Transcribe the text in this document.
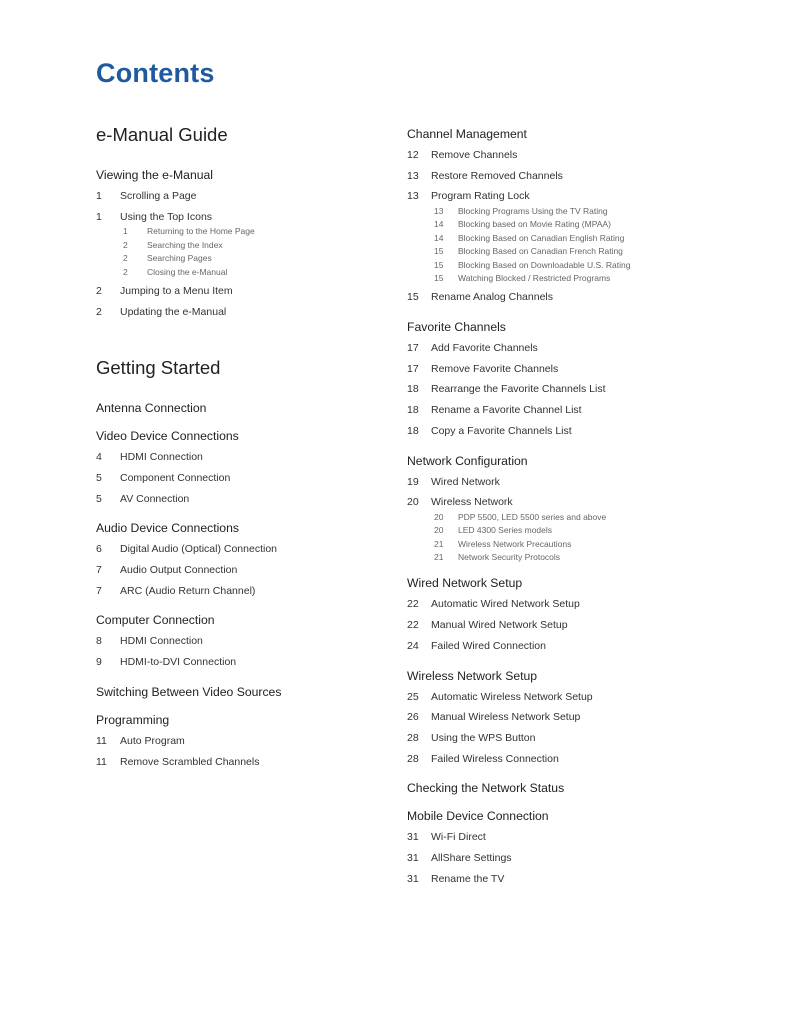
Contents
e-Manual Guide
Viewing the e-Manual
1	Scrolling a Page
1	Using the Top Icons
1	Returning to the Home Page
2	Searching the Index
2	Searching Pages
2	Closing the e-Manual
2	Jumping to a Menu Item
2	Updating the e-Manual
Getting Started
Antenna Connection
Video Device Connections
4	HDMI Connection
5	Component Connection
5	AV Connection
Audio Device Connections
6	Digital Audio (Optical) Connection
7	Audio Output Connection
7	ARC (Audio Return Channel)
Computer Connection
8	HDMI Connection
9	HDMI-to-DVI Connection
Switching Between Video Sources
Programming
11	Auto Program
11	Remove Scrambled Channels
Channel Management
12	Remove Channels
13	Restore Removed Channels
13	Program Rating Lock
13	Blocking Programs Using the TV Rating
14	Blocking based on Movie Rating (MPAA)
14	Blocking Based on Canadian English Rating
15	Blocking Based on Canadian French Rating
15	Blocking Based on Downloadable U.S. Rating
15	Watching Blocked / Restricted Programs
15	Rename Analog Channels
Favorite Channels
17	Add Favorite Channels
17	Remove Favorite Channels
18	Rearrange the Favorite Channels List
18	Rename a Favorite Channel List
18	Copy a Favorite Channels List
Network Configuration
19	Wired Network
20	Wireless Network
20	PDP 5500, LED 5500 series and above
20	LED 4300 Series models
21	Wireless Network Precautions
21	Network Security Protocols
Wired Network Setup
22	Automatic Wired Network Setup
22	Manual Wired Network Setup
24	Failed Wired Connection
Wireless Network Setup
25	Automatic Wireless Network Setup
26	Manual Wireless Network Setup
28	Using the WPS Button
28	Failed Wireless Connection
Checking the Network Status
Mobile Device Connection
31	Wi-Fi Direct
31	AllShare Settings
31	Rename the TV
